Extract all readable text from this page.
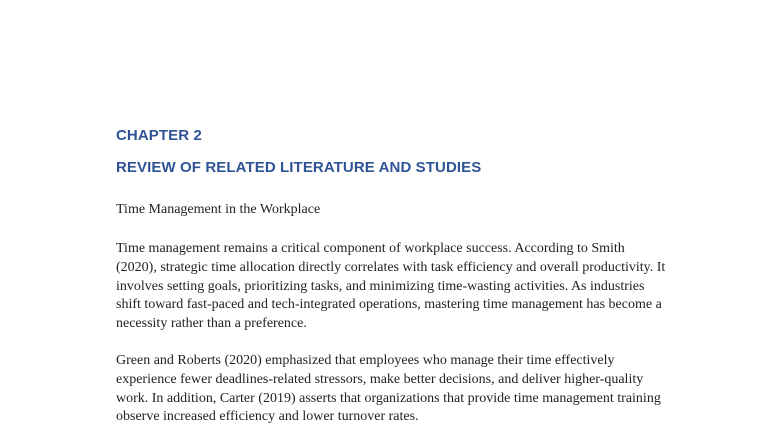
CHAPTER 2
REVIEW OF RELATED LITERATURE AND STUDIES

Time Management in the Workplace

Time management remains a critical component of workplace success. According to Smith (2020), strategic time allocation directly correlates with task efficiency and overall productivity. It involves setting goals, prioritizing tasks, and minimizing time-wasting activities. As industries shift toward fast-paced and tech-integrated operations, mastering time management has become a necessity rather than a preference.

Green and Roberts (2020) emphasized that employees who manage their time effectively experience fewer deadlines-related stressors, make better decisions, and deliver higher-quality work. In addition, Carter (2019) asserts that organizations that provide time management training observe increased efficiency and lower turnover rates.
